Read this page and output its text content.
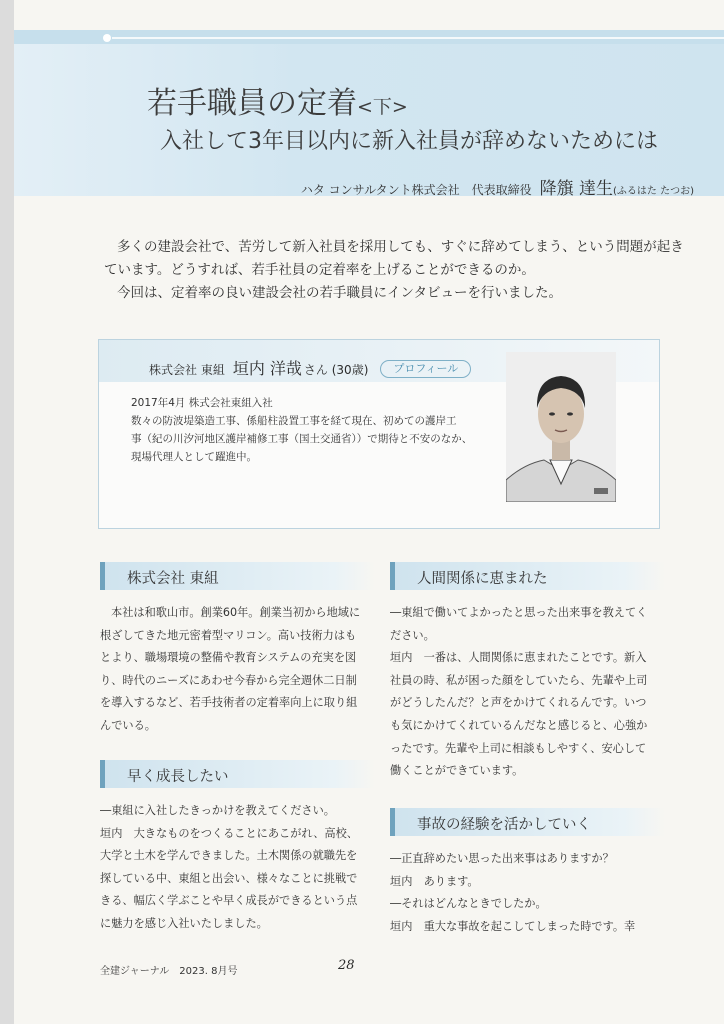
若手職員の定着<下>
入社して3年目以内に新入社員が辞めないためには
ハタ コンサルタント株式会社　代表取締役 降籏 達生(ふるはた たつお)

多くの建設会社で、苦労して新入社員を採用しても、すぐに辞めてしまう、という問題が起きています。どうすれば、若手社員の定着率を上げることができるのか。

今回は、定着率の良い建設会社の若手職員にインタビューを行いました。

株式会社 東組 垣内 洋哉 さん (30歳) プロフィール
2017年4月 株式会社東組入社
数々の防波堤築造工事、係船柱設置工事を経て現在、初めての護岸工
事（紀の川汐河地区護岸補修工事（国土交通省））で期待と不安のなか、
現場代理人として躍進中。
株式会社 東組
早く成長したい
人間関係に恵まれた
事故の経験を活かしていく

本社は和歌山市。創業60年。創業当初から地域に根ざしてきた地元密着型マリコン。高い技術力はもとより、職場環境の整備や教育システムの充実を図り、時代のニーズにあわせ今春から完全週休二日制を導入するなど、若手技術者の定着率向上に取り組んでいる。

―東組に入社したきっかけを教えてください。

垣内　大きなものをつくることにあこがれ、高校、大学と土木を学んできました。土木関係の就職先を探している中、東組と出会い、様々なことに挑戦できる、幅広く学ぶことや早く成長ができるという点に魅力を感じ入社いたしました。

―東組で働いてよかったと思った出来事を教えてください。

垣内　一番は、人間関係に恵まれたことです。新入社員の時、私が困った顔をしていたら、先輩や上司がどうしたんだ？と声をかけてくれるんです。いつも気にかけてくれているんだなと感じると、心強かったです。先輩や上司に相談もしやすく、安心して働くことができています。

―正直辞めたい思った出来事はありますか？

垣内　あります。

―それはどんなときでしたか。

垣内　重大な事故を起こしてしまった時です。幸

全建ジャーナル　2023. 8月号	28
